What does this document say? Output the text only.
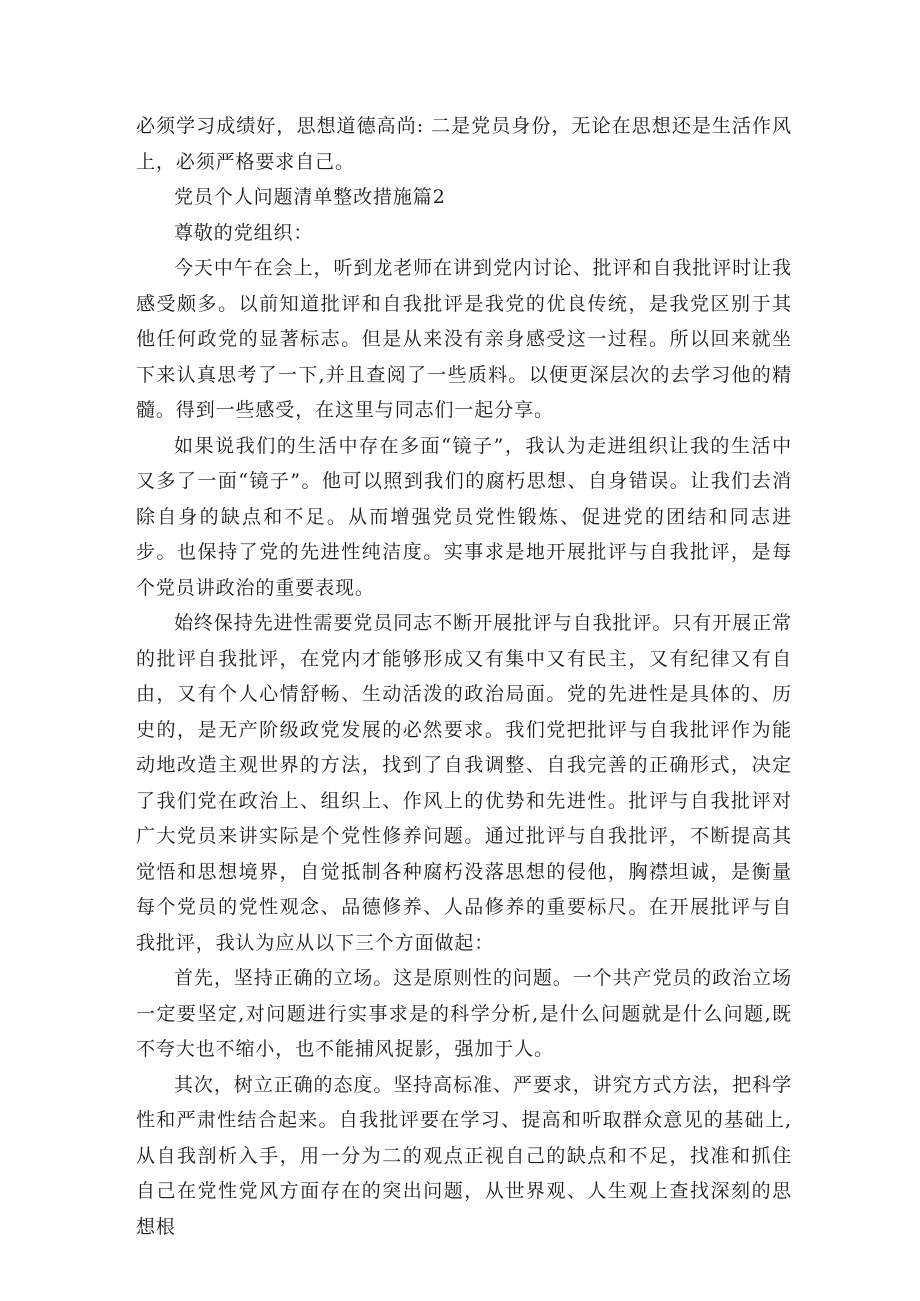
必须学习成绩好，思想道德高尚: 二是党员身份，无论在思想还是生活作风上，必须严格要求自己。

党员个人问题清单整改措施篇2

尊敬的党组织：

今天中午在会上，听到龙老师在讲到党内讨论、批评和自我批评时让我感受颇多。以前知道批评和自我批评是我党的优良传统，是我党区别于其他任何政党的显著标志。但是从来没有亲身感受这一过程。所以回来就坐下来认真思考了一下,并且查阅了一些质料。以便更深层次的去学习他的精髓。得到一些感受，在这里与同志们一起分享。

如果说我们的生活中存在多面“镜子”，我认为走进组织让我的生活中又多了一面“镜子”。他可以照到我们的腐朽思想、自身错误。让我们去消除自身的缺点和不足。从而增强党员党性锻炼、促进党的团结和同志进步。也保持了党的先进性纯洁度。实事求是地开展批评与自我批评，是每个党员讲政治的重要表现。

始终保持先进性需要党员同志不断开展批评与自我批评。只有开展正常的批评自我批评，在党内才能够形成又有集中又有民主，又有纪律又有自由，又有个人心情舒畅、生动活泼的政治局面。党的先进性是具体的、历史的，是无产阶级政党发展的必然要求。我们党把批评与自我批评作为能动地改造主观世界的方法，找到了自我调整、自我完善的正确形式，决定了我们党在政治上、组织上、作风上的优势和先进性。批评与自我批评对广大党员来讲实际是个党性修养问题。通过批评与自我批评，不断提高其觉悟和思想境界，自觉抵制各种腐朽没落思想的侵他，胸襟坦诚，是衡量每个党员的党性观念、品德修养、人品修养的重要标尺。在开展批评与自我批评，我认为应从以下三个方面做起：

首先，坚持正确的立场。这是原则性的问题。一个共产党员的政治立场一定要坚定,对问题进行实事求是的科学分析,是什么问题就是什么问题,既不夸大也不缩小，也不能捕风捉影，强加于人。

其次，树立正确的态度。坚持高标准、严要求，讲究方式方法，把科学性和严肃性结合起来。自我批评要在学习、提高和听取群众意见的基础上,从自我剖析入手，用一分为二的观点正视自己的缺点和不足，找准和抓住自己在党性党风方面存在的突出问题，从世界观、人生观上查找深刻的思想根
